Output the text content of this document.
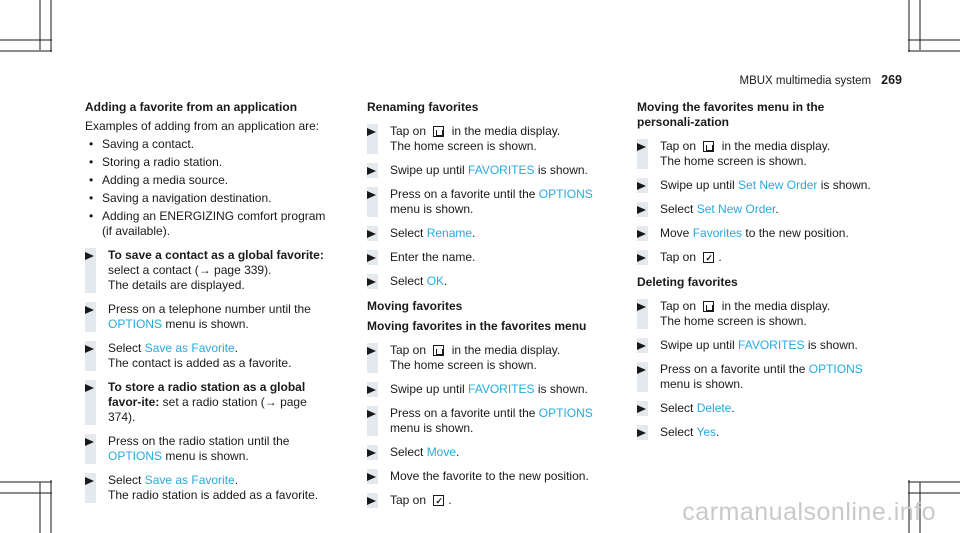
MBUX multimedia system 269
Adding a favorite from an application
Examples of adding from an application are:
• Saving a contact.
• Storing a radio station.
• Adding a media source.
• Saving a navigation destination.
• Adding an ENERGIZING comfort program (if available).
To save a contact as a global favorite: select a contact (→ page 339).
The details are displayed.
Press on a telephone number until the OPTIONS menu is shown.
Select Save as Favorite.
The contact is added as a favorite.
To store a radio station as a global favor-ite: set a radio station (→ page 374).
Press on the radio station until the OPTIONS menu is shown.
Select Save as Favorite.
The radio station is added as a favorite.
Renaming favorites
Tap on  in the media display.
The home screen is shown.
Swipe up until FAVORITES is shown.
Press on a favorite until the OPTIONS menu is shown.
Select Rename.
Enter the name.
Select OK.
Moving favorites
Moving favorites in the favorites menu
Tap on  in the media display.
The home screen is shown.
Swipe up until FAVORITES is shown.
Press on a favorite until the OPTIONS menu is shown.
Select Move.
Move the favorite to the new position.
Tap on ✓.
Moving the favorites menu in the personali-zation
Tap on  in the media display.
The home screen is shown.
Swipe up until Set New Order is shown.
Select Set New Order.
Move Favorites to the new position.
Tap on ✓.
Deleting favorites
Tap on  in the media display.
The home screen is shown.
Swipe up until FAVORITES is shown.
Press on a favorite until the OPTIONS menu is shown.
Select Delete.
Select Yes.
carmanualsonline.info
